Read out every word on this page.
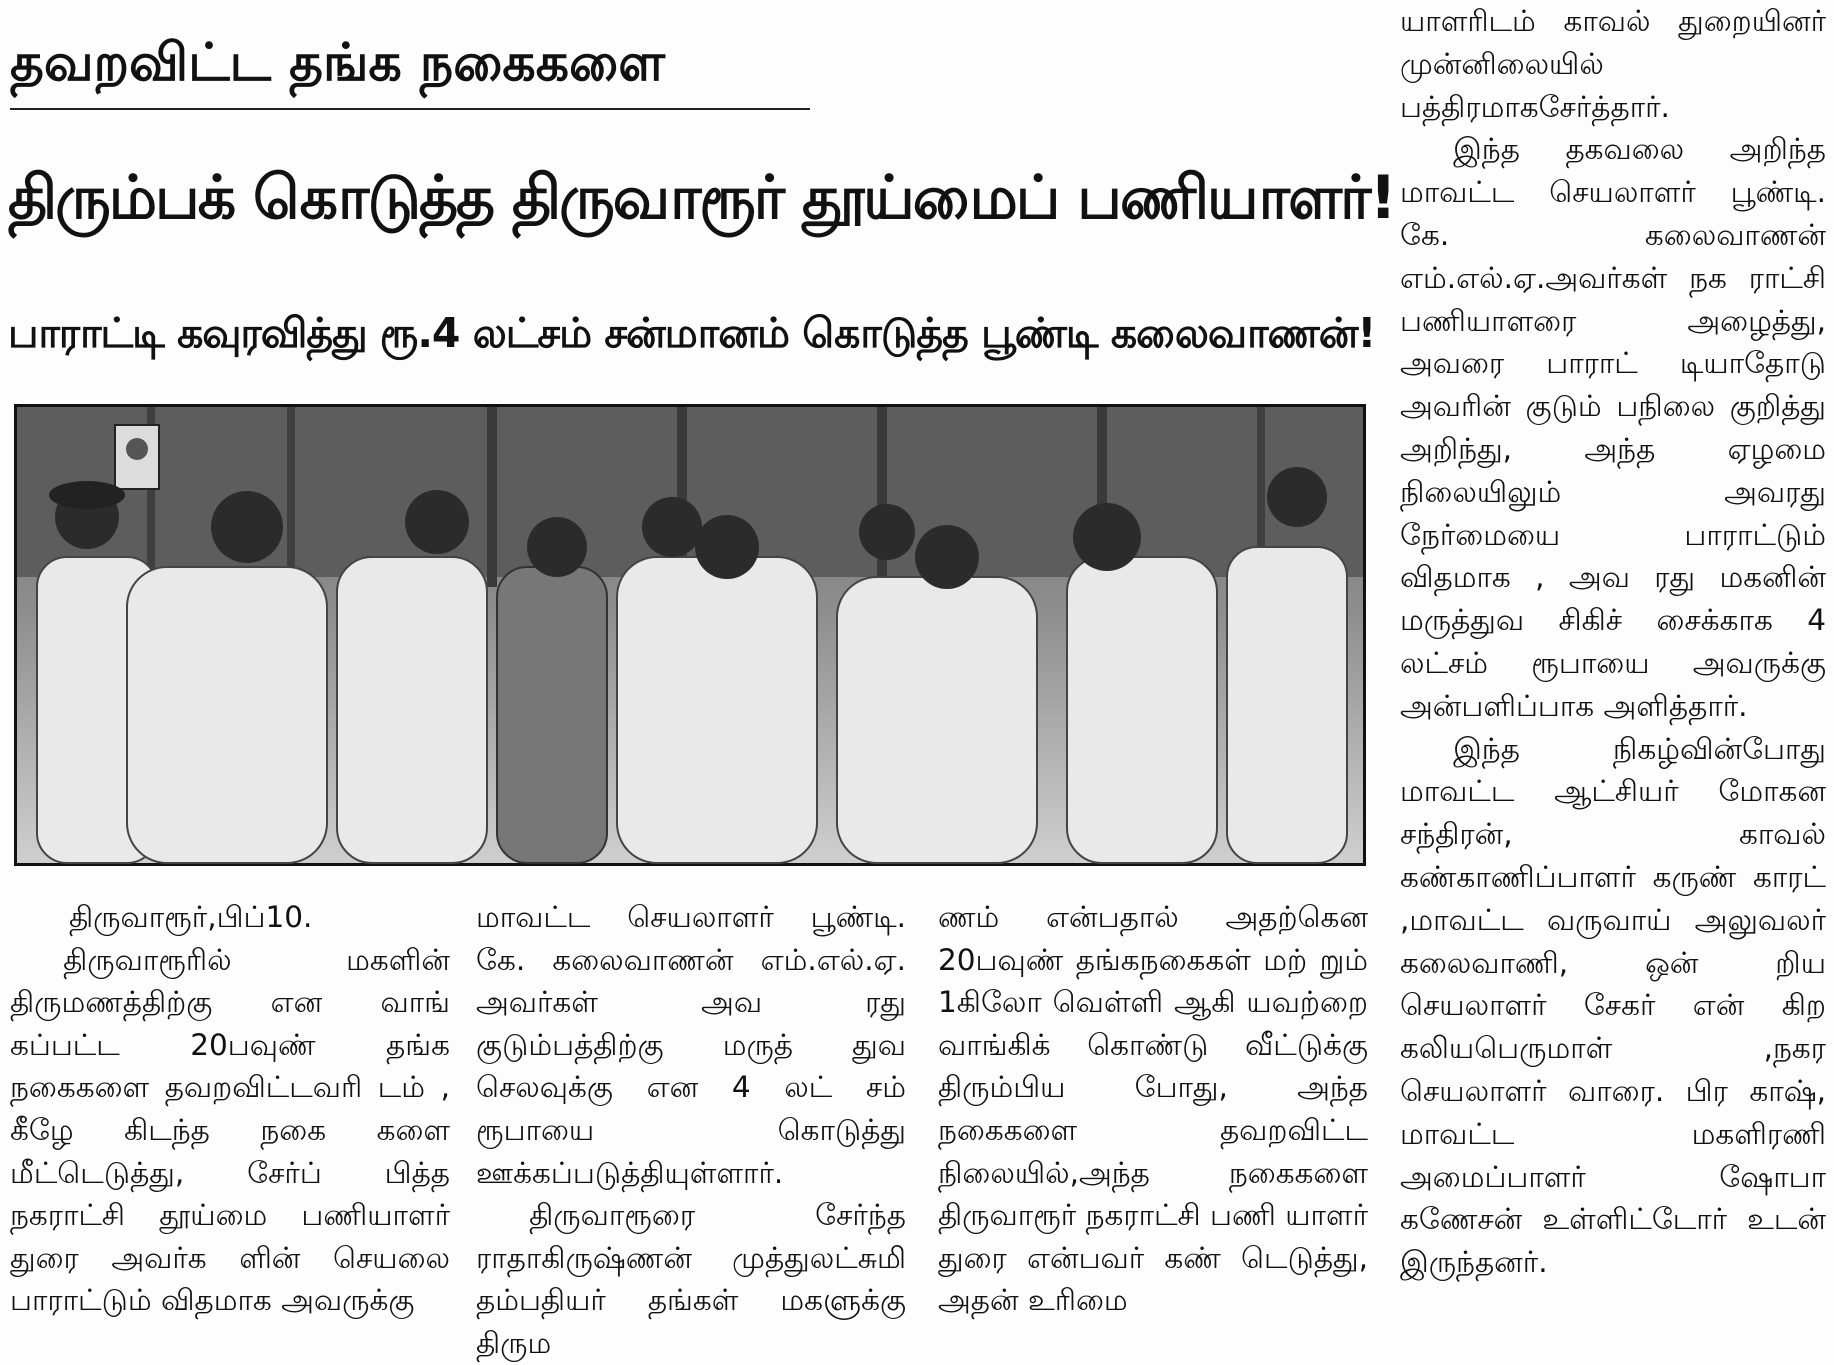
தவறவிட்ட தங்க நகைகளை
திரும்பக் கொடுத்த திருவாரூர் தூய்மைப் பணியாளர்!
பாராட்டி கவுரவித்து ரூ.4 லட்சம் சன்மானம் கொடுத்த பூண்டி கலைவாணன்!

திருவாரூர்,பிப்10.

திருவாரூரில் மகளின் திருமணத்திற்கு என வாங் கப்பட்ட 20பவுண் தங்க நகைகளை தவறவிட்டவரி டம் , கீழே கிடந்த நகை களை மீட்டெடுத்து, சேர்ப் பித்த நகராட்சி தூய்மை பணியாளர் துரை அவர்க ளின் செயலை பாராட்டும் விதமாக அவருக்கு

மாவட்ட செயலாளர் பூண்டி. கே. கலைவாணன் எம்.எல்.ஏ. அவர்கள் அவ ரது குடும்பத்திற்கு மருத் துவ செலவுக்கு என 4 லட் சம் ரூபாயை கொடுத்து ஊக்கப்படுத்தியுள்ளார்.

திருவாரூரை சேர்ந்த ராதாகிருஷ்ணன் முத்துலட்சுமி தம்பதியர் தங்கள் மகளுக்கு திரும

ணம் என்பதால் அதற்கென 20பவுண் தங்கநகைகள் மற் றும் 1கிலோ வெள்ளி ஆகி யவற்றை வாங்கிக் கொண்டு வீட்டுக்கு திரும்பிய போது, அந்த நகைகளை தவறவிட்ட நிலையில்,அந்த நகைகளை திருவாரூர் நகராட்சி பணி யாளர் துரை என்பவர் கண் டெடுத்து, அதன் உரிமை

யாளரிடம் காவல் துறையினர் முன்னிலையில் பத்திரமாகசேர்த்தார்.

இந்த தகவலை அறிந்த மாவட்ட செயலாளர் பூண்டி. கே. கலைவாணன் எம்.எல்.ஏ.அவர்கள் நக ராட்சி பணியாளரை அழைத்து, அவரை பாராட் டியாதோடு அவரின் குடும் பநிலை குறித்து அறிந்து, அந்த ஏழமை நிலையிலும் அவரது நேர்மையை பாராட்டும் விதமாக , அவ ரது மகனின் மருத்துவ சிகிச் சைக்காக 4 லட்சம் ரூபாயை அவருக்கு அன்பளிப்பாக அளித்தார்.

இந்த நிகழ்வின்போது மாவட்ட ஆட்சியர் மோகன சந்திரன், காவல் கண்காணிப்பாளர் கருண் காரட் ,மாவட்ட வருவாய் அலுவலர் கலைவாணி, ஒன் றிய செயலாளர் சேகர் என் கிற கலியபெருமாள் ,நகர செயலாளர் வாரை. பிர காஷ், மாவட்ட மகளிரணி அமைப்பாளர் ஷோபா கணேசன் உள்ளிட்டோர் உடன் இருந்தனர்.
